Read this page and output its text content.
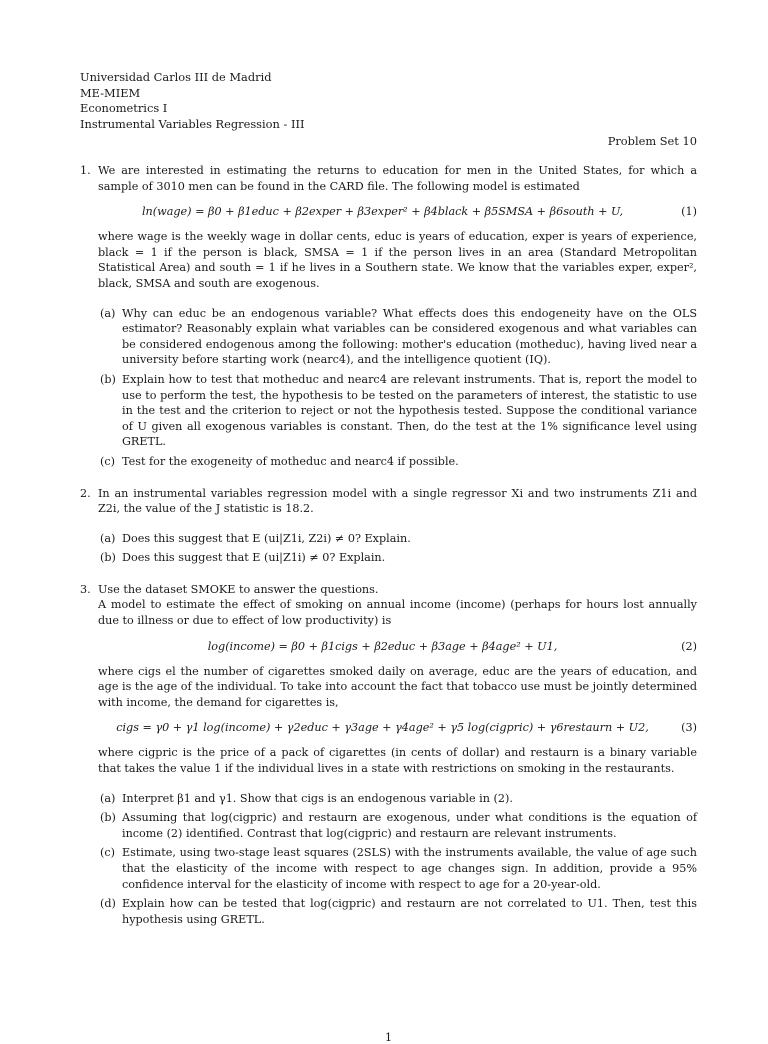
Universidad Carlos III de Madrid
ME-MIEM
Econometrics I
Instrumental Variables Regression - III
Problem Set 10
1. We are interested in estimating the returns to education for men in the United States, for which a sample of 3010 men can be found in the CARD file. The following model is estimated
ln(wage) = β0 + β1educ + β2exper + β3exper² + β4black + β5SMSA + β6south + U,	(1)
where wage is the weekly wage in dollar cents, educ is years of education, exper is years of experience, black = 1 if the person is black, SMSA = 1 if the person lives in an area (Standard Metropolitan Statistical Area) and south = 1 if he lives in a Southern state. We know that the variables exper, exper², black, SMSA and south are exogenous.
(a) Why can educ be an endogenous variable? What effects does this endogeneity have on the OLS estimator? Reasonably explain what variables can be considered exogenous and what variables can be considered endogenous among the following: mother's education (motheduc), having lived near a university before starting work (nearc4), and the intelligence quotient (IQ).
(b) Explain how to test that motheduc and nearc4 are relevant instruments. That is, report the model to use to perform the test, the hypothesis to be tested on the parameters of interest, the statistic to use in the test and the criterion to reject or not the hypothesis tested. Suppose the conditional variance of U given all exogenous variables is constant. Then, do the test at the 1% significance level using GRETL.
(c) Test for the exogeneity of motheduc and nearc4 if possible.
2. In an instrumental variables regression model with a single regressor Xi and two instruments Z1i and Z2i, the value of the J statistic is 18.2.
(a) Does this suggest that E (ui|Z1i, Z2i) ≠ 0? Explain.
(b) Does this suggest that E (ui|Z1i) ≠ 0? Explain.
3. Use the dataset SMOKE to answer the questions.
A model to estimate the effect of smoking on annual income (income) (perhaps for hours lost annually due to illness or due to effect of low productivity) is
log(income) = β0 + β1cigs + β2educ + β3age + β4age² + U1,	(2)
where cigs el the number of cigarettes smoked daily on average, educ are the years of education, and age is the age of the individual. To take into account the fact that tobacco use must be jointly determined with income, the demand for cigarettes is,
cigs = γ0 + γ1 log(income) + γ2educ + γ3age + γ4age² + γ5 log(cigpric) + γ6restaurn + U2,	(3)
where cigpric is the price of a pack of cigarettes (in cents of dollar) and restaurn is a binary variable that takes the value 1 if the individual lives in a state with restrictions on smoking in the restaurants.
(a) Interpret β1 and γ1. Show that cigs is an endogenous variable in (2).
(b) Assuming that log(cigpric) and restaurn are exogenous, under what conditions is the equation of income (2) identified. Contrast that log(cigpric) and restaurn are relevant instruments.
(c) Estimate, using two-stage least squares (2SLS) with the instruments available, the value of age such that the elasticity of the income with respect to age changes sign. In addition, provide a 95% confidence interval for the elasticity of income with respect to age for a 20-year-old.
(d) Explain how can be tested that log(cigpric) and restaurn are not correlated to U1. Then, test this hypothesis using GRETL.
1
